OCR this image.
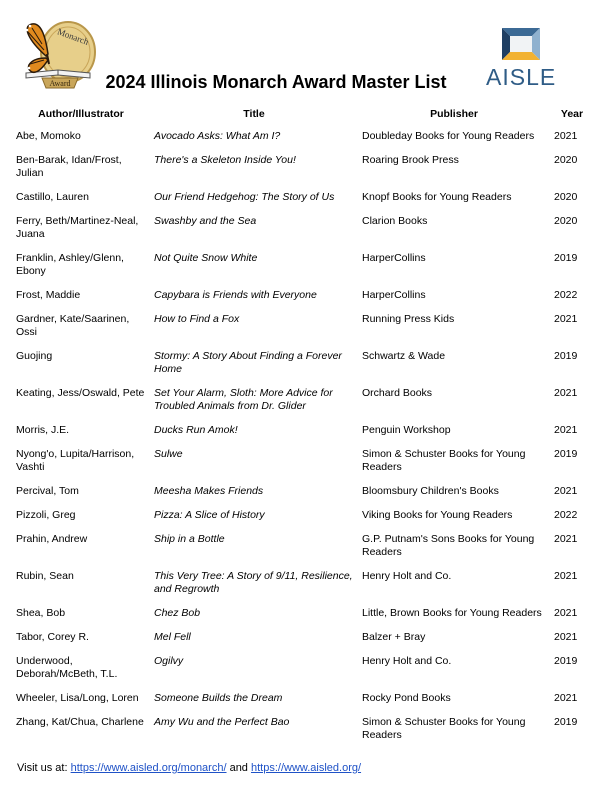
Monarch
Award	2024 Illinois Monarch Award Master List AISLE
Author/Illustrator	Title	Publisher	Year
Abe, Momoko	Avocado Asks: What Am I?	Doubleday Books for Young Readers	2021
Ben-Barak, Idan/Frost, Julian	There's a Skeleton Inside You!	Roaring Brook Press	2020
Castillo, Lauren	Our Friend Hedgehog: The Story of Us	Knopf Books for Young Readers	2020
Ferry, Beth/Martinez-Neal, Juana	Swashby and the Sea	Clarion Books	2020
Franklin, Ashley/Glenn, Ebony	Not Quite Snow White	HarperCollins	2019
Frost, Maddie	Capybara is Friends with Everyone	HarperCollins	2022
Gardner, Kate/Saarinen, Ossi	How to Find a Fox	Running Press Kids	2021
Guojing	Stormy: A Story About Finding a Forever Home	Schwartz & Wade	2019
Keating, Jess/Oswald, Pete	Set Your Alarm, Sloth: More Advice for Troubled Animals from Dr. Glider	Orchard Books	2021
Morris, J.E.	Ducks Run Amok!	Penguin Workshop	2021
Nyong'o, Lupita/Harrison, Vashti	Sulwe	Simon & Schuster Books for Young Readers	2019
Percival, Tom	Meesha Makes Friends	Bloomsbury Children's Books	2021
Pizzoli, Greg	Pizza: A Slice of History	Viking Books for Young Readers	2022
Prahin, Andrew	Ship in a Bottle	G.P. Putnam's Sons Books for Young Readers	2021
Rubin, Sean	This Very Tree: A Story of 9/11, Resilience, and Regrowth	Henry Holt and Co.	2021
Shea, Bob	Chez Bob	Little, Brown Books for Young Readers	2021
Tabor, Corey R.	Mel Fell	Balzer + Bray	2021
Underwood, Deborah/McBeth, T.L.	Ogilvy	Henry Holt and Co.	2019
Wheeler, Lisa/Long, Loren	Someone Builds the Dream	Rocky Pond Books	2021
Zhang, Kat/Chua, Charlene	Amy Wu and the Perfect Bao	Simon & Schuster Books for Young Readers	2019
Visit us at: https://www.aisled.org/monarch/ and https://www.aisled.org/
